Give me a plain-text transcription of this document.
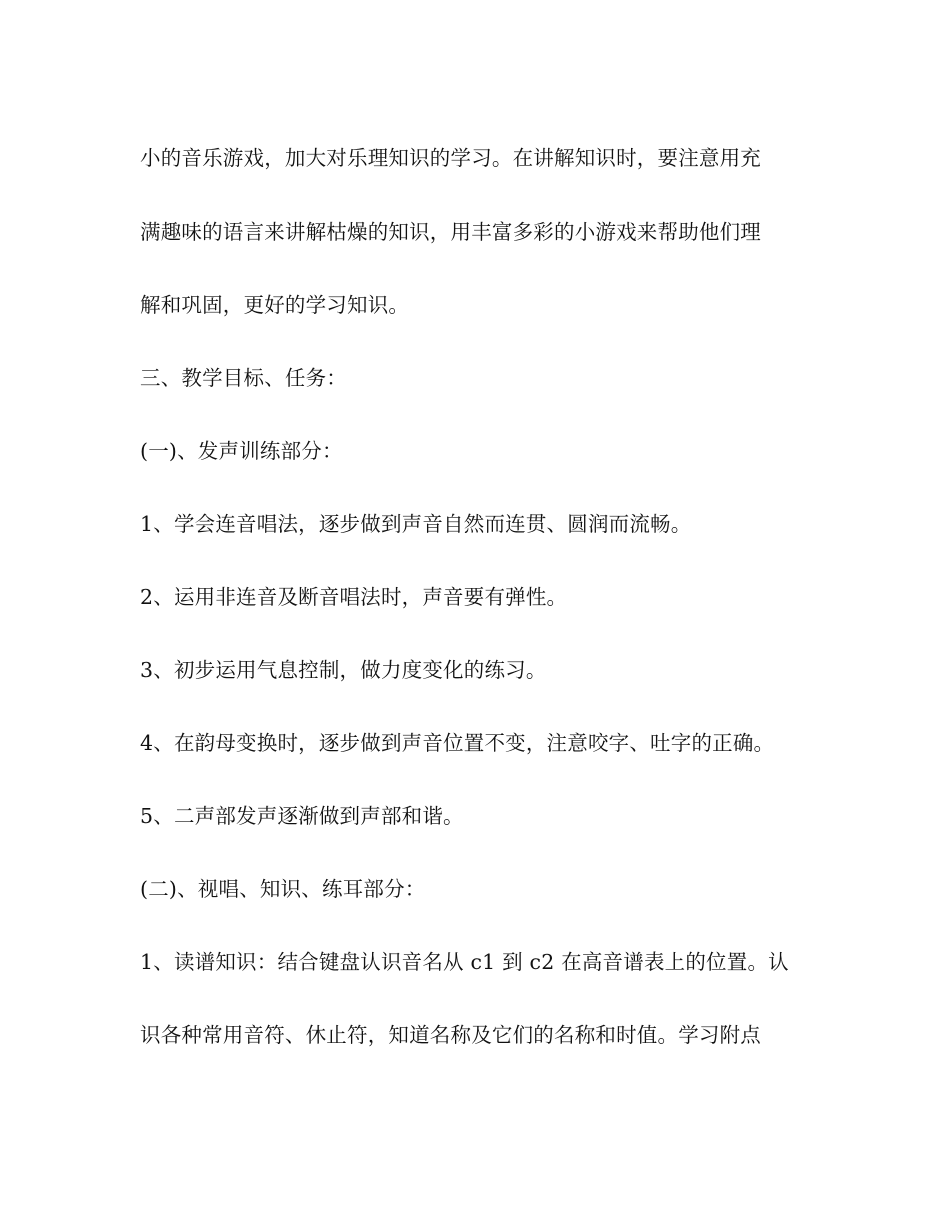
小的音乐游戏，加大对乐理知识的学习。在讲解知识时，要注意用充
满趣味的语言来讲解枯燥的知识，用丰富多彩的小游戏来帮助他们理
解和巩固，更好的学习知识。
三、教学目标、任务：
(一)、发声训练部分：
1、学会连音唱法，逐步做到声音自然而连贯、圆润而流畅。
2、运用非连音及断音唱法时，声音要有弹性。
3、初步运用气息控制，做力度变化的练习。
4、在韵母变换时，逐步做到声音位置不变，注意咬字、吐字的正确。
5、二声部发声逐渐做到声部和谐。
(二)、视唱、知识、练耳部分：
1、读谱知识：结合键盘认识音名从 c1 到 c2 在高音谱表上的位置。认
识各种常用音符、休止符，知道名称及它们的名称和时值。学习附点
